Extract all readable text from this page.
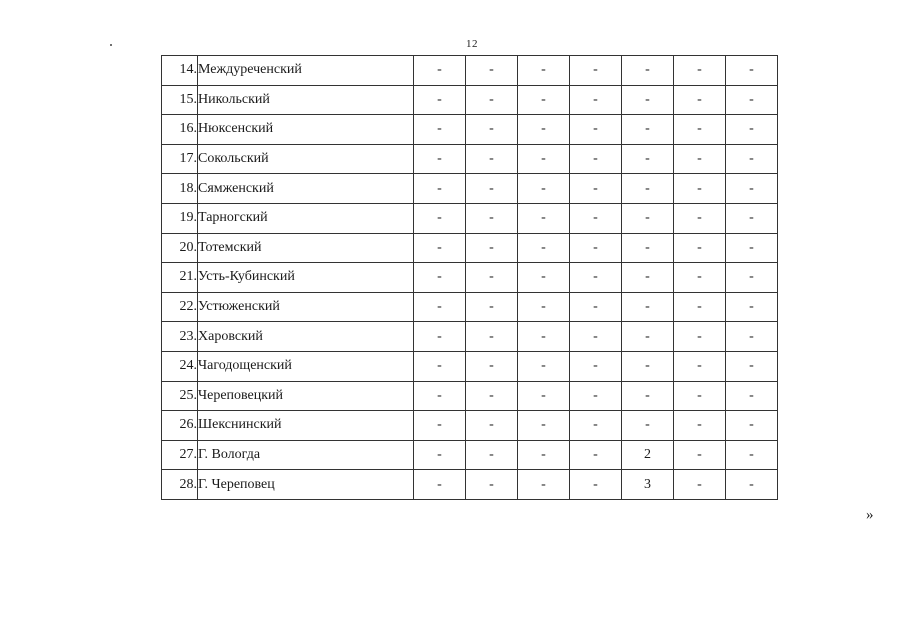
12
14.	Междуреченский	-	-	-	-	-	-	-
15.	Никольский	-	-	-	-	-	-	-
16.	Нюксенский	-	-	-	-	-	-	-
17.	Сокольский	-	-	-	-	-	-	-
18.	Сямженский	-	-	-	-	-	-	-
19.	Тарногский	-	-	-	-	-	-	-
20.	Тотемский	-	-	-	-	-	-	-
21.	Усть-Кубинский	-	-	-	-	-	-	-
22.	Устюженский	-	-	-	-	-	-	-
23.	Харовский	-	-	-	-	-	-	-
24.	Чагодощенский	-	-	-	-	-	-	-
25.	Череповецкий	-	-	-	-	-	-	-
26.	Шекснинский	-	-	-	-	-	-	-
27.	Г. Вологда	-	-	-	-	2	-	-
28.	Г. Череповец	-	-	-	-	3	-	-
»
